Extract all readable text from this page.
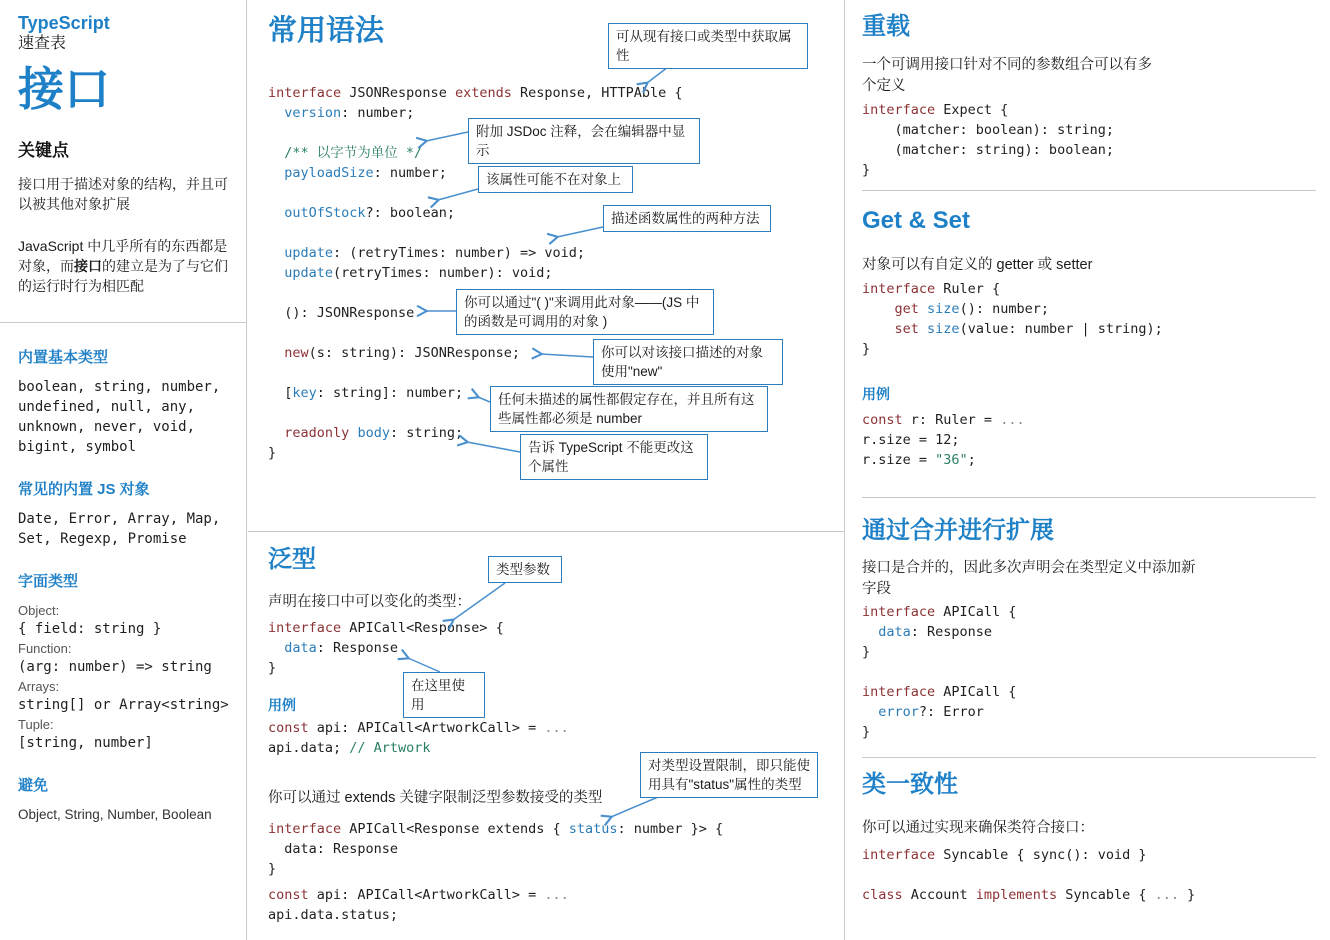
TypeScript
速查表
接口
关键点
接口用于描述对象的结构，并且可以被其他对象扩展
JavaScript 中几乎所有的东西都是对象，而接口的建立是为了与它们的运行时行为相匹配
内置基本类型
boolean, string, number,
undefined, null, any,
unknown, never, void,
bigint, symbol
常见的内置 JS 对象
Date, Error, Array, Map,
Set, Regexp, Promise
字面类型
Object:
{ field: string }
Function:
(arg: number) => string
Arrays:
string[] or Array<string>
Tuple:
[string, number]
避免
Object, String, Number, Boolean
常用语法
interface JSONResponse extends Response, HTTPAble {
version: number;

/** 以字节为单位 */
payloadSize: number;

outOfStock?: boolean;

update: (retryTimes: number) => void;
update(retryTimes: number): void;

(): JSONResponse

new(s: string): JSONResponse;

[key: string]: number;

readonly body: string;
}
可从现有接口或类型中获取属性
附加 JSDoc 注释，会在编辑器中显示
该属性可能不在对象上
描述函数属性的两种方法
你可以通过"( )"来调用此对象——(JS 中的函数是可调用的对象 )
你可以对该接口描述的对象使用"new"
任何未描述的属性都假定存在，并且所有这些属性都必须是 number
告诉 TypeScript 不能更改这个属性
泛型	类型参数
声明在接口中可以变化的类型：
interface APICall<Response> {
data: Response
}
在这里使用
用例
const api: APICall<ArtworkCall> = ...
api.data; // Artwork
你可以通过 extends 关键字限制泛型参数接受的类型
对类型设置限制，即只能使用具有"status"属性的类型
interface APICall<Response extends { status: number }> {
data: Response
}
const api: APICall<ArtworkCall> = ...
api.data.status;
重载
一个可调用接口针对不同的参数组合可以有多个定义
interface Expect {
(matcher: boolean): string;
(matcher: string): boolean;
}
Get & Set
对象可以有自定义的 getter 或 setter
interface Ruler {
get size(): number;
set size(value: number | string);
}
用例
const r: Ruler = ...
r.size = 12;
r.size = "36";
通过合并进行扩展
接口是合并的，因此多次声明会在类型定义中添加新字段
interface APICall {
data: Response
}

interface APICall {
error?: Error
}
类一致性
你可以通过实现来确保类符合接口：
interface Syncable { sync(): void }

class Account implements Syncable { ... }
